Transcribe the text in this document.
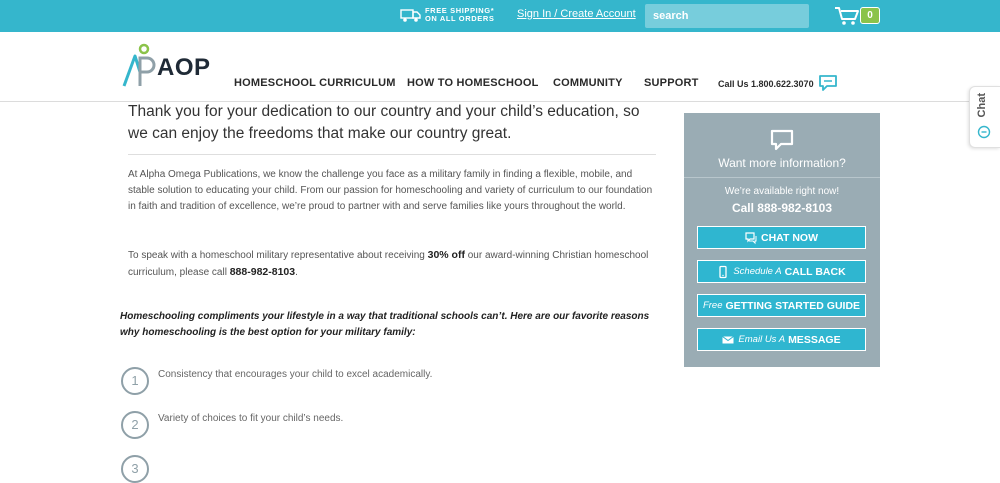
FREE SHIPPING*
ON ALL ORDERS Sign In / Create Account
search	0
AOP
HOMESCHOOL CURRICULUM HOW TO HOMESCHOOL COMMUNITY SUPPORT Call Us 1.800.622.3070
Chat
Thank you for your dedication to our country and your child’s education, so we can enjoy the freedoms that make our country great.
At Alpha Omega Publications, we know the challenge you face as a military family in finding a flexible, mobile, and stable solution to educating your child. From our passion for homeschooling and variety of curriculum to our foundation in faith and tradition of excellence, we’re proud to partner with and serve families like yours throughout the world.
To speak with a homeschool military representative about receiving 30% off our award-winning Christian homeschool curriculum, please call 888-982-8103.
Homeschooling compliments your lifestyle in a way that traditional schools can’t. Here are our favorite reasons why homeschooling is the best option for your military family:
1	Consistency that encourages your child to excel academically.
2	Variety of choices to fit your child’s needs.
3
Want more information?
We’re available right now!
Call 888-982-8103
CHAT NOW
Schedule A CALL BACK
Free GETTING STARTED GUIDE
Email Us A MESSAGE
